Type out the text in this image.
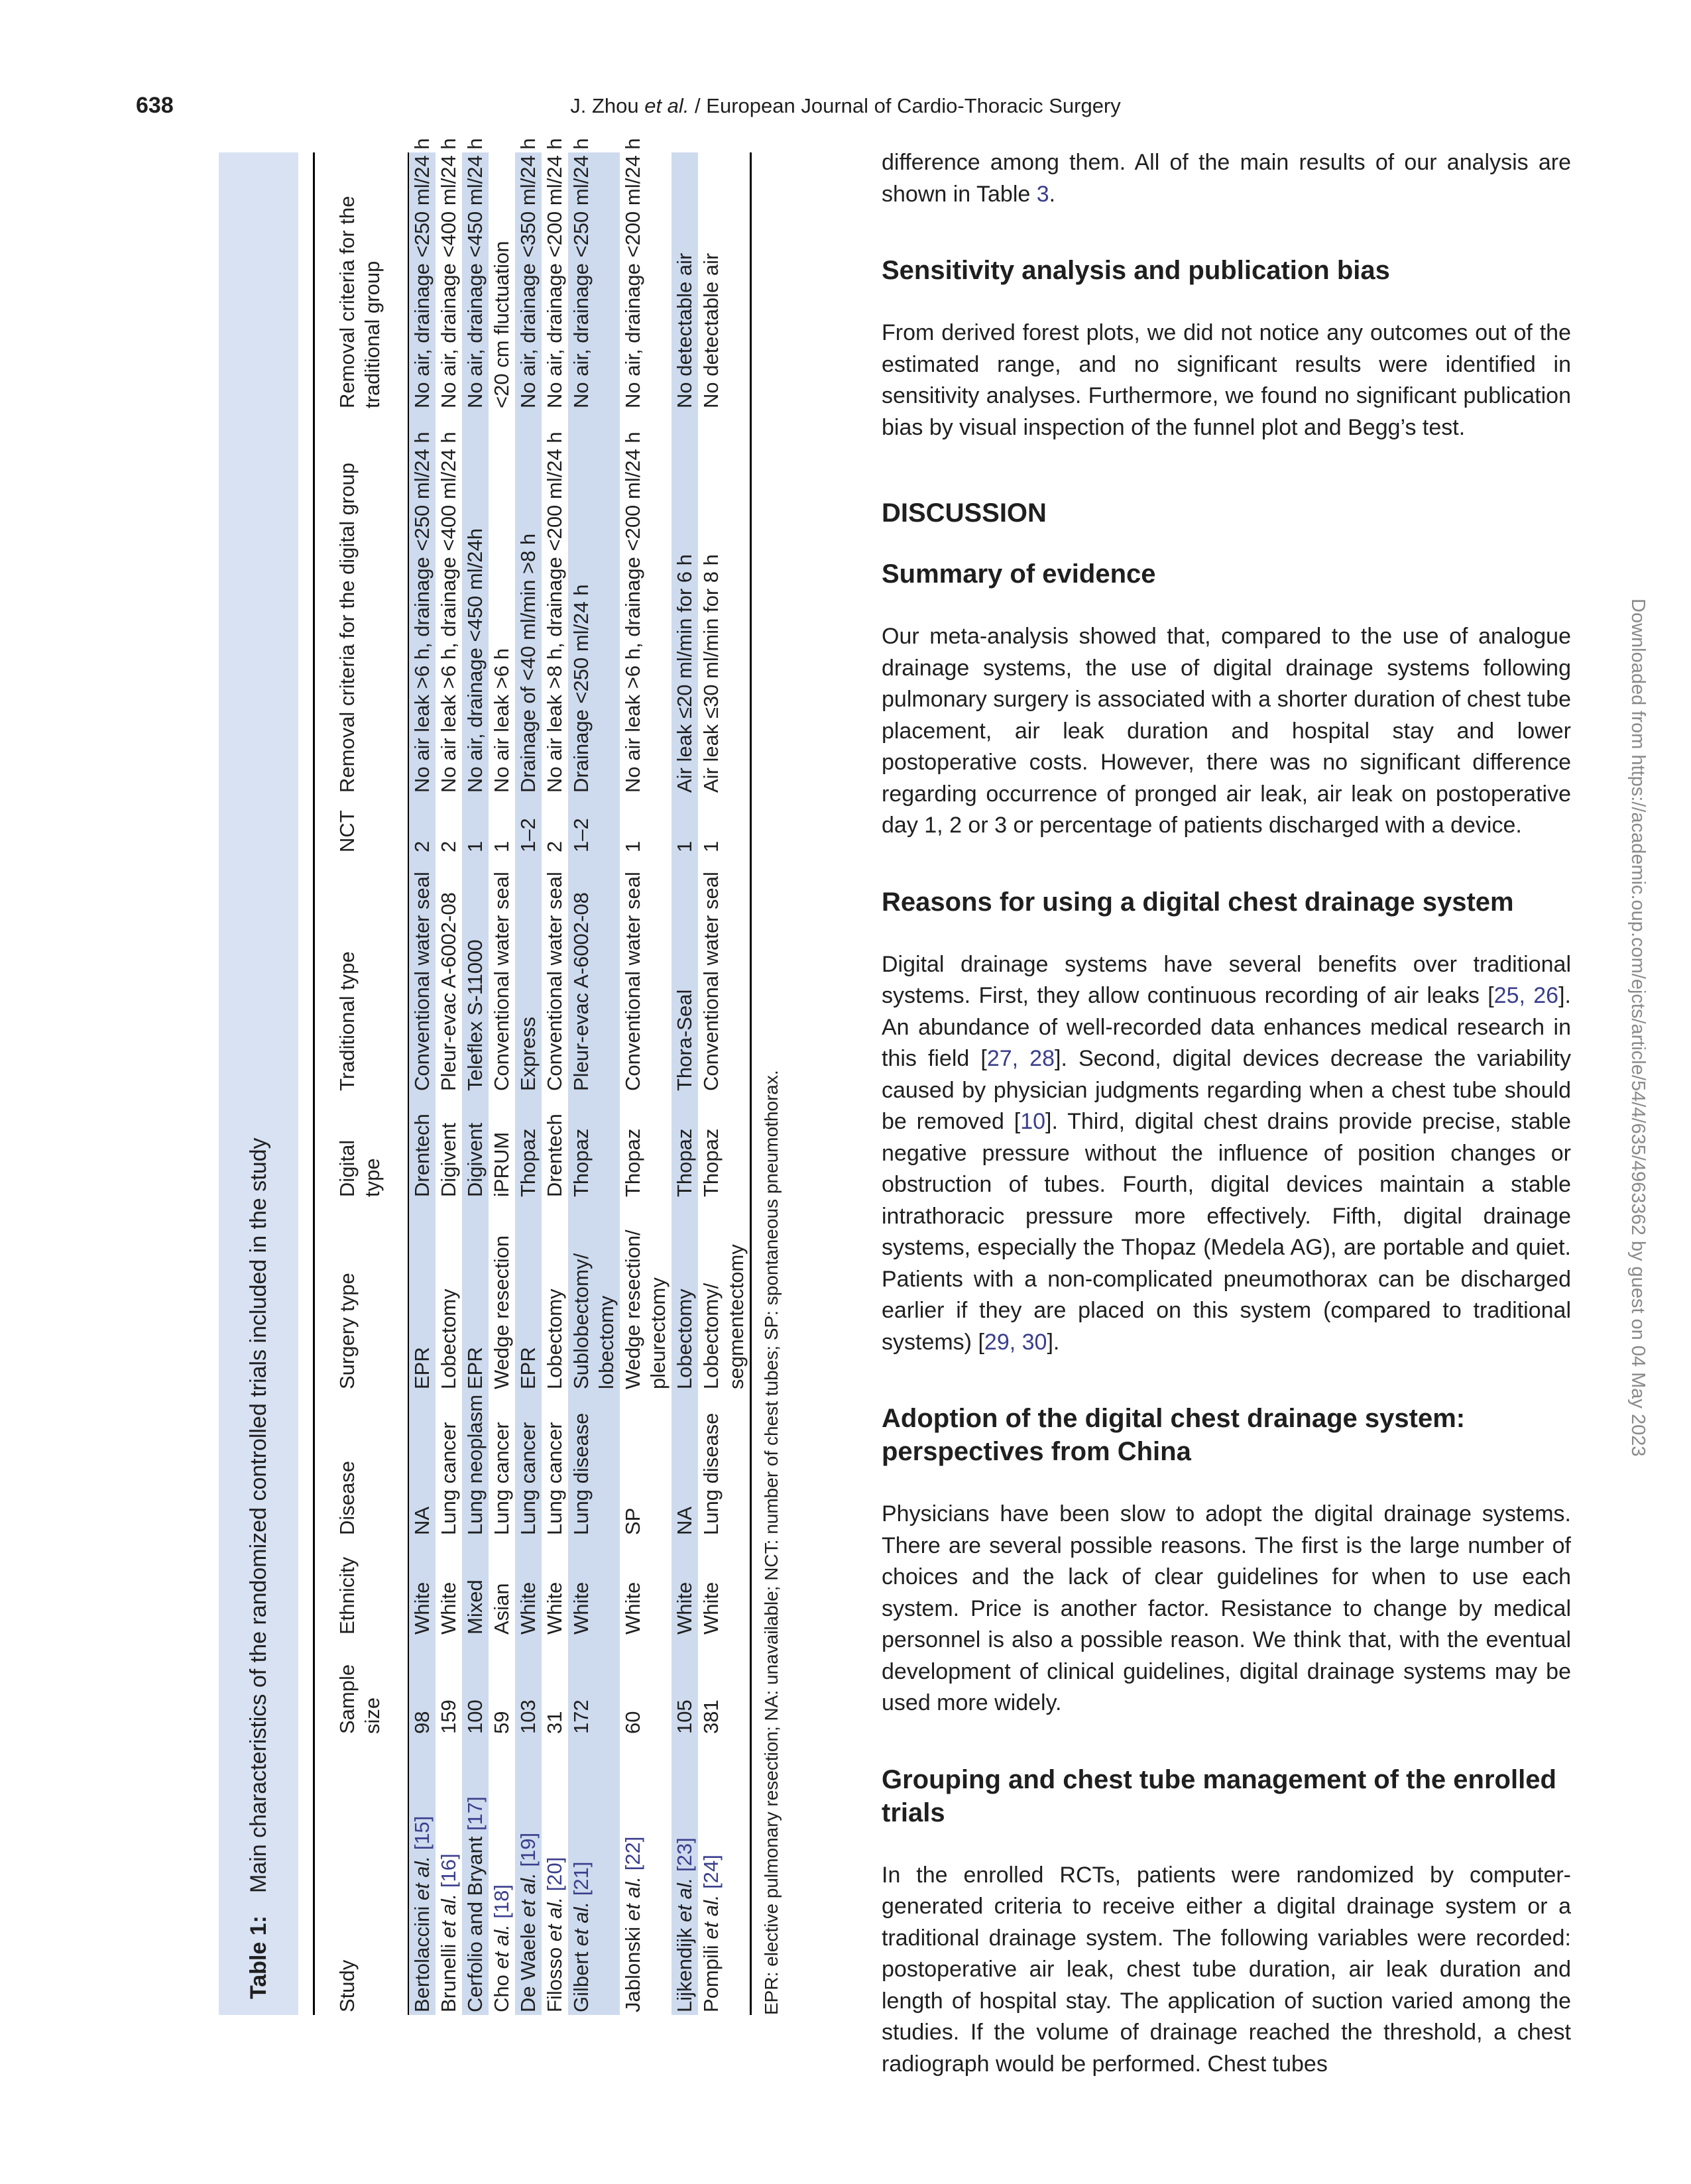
638	J. Zhou et al. / European Journal of Cardio-Thoracic Surgery
Table 1:Main characteristics of the randomized controlled trials included in the study
Study	Sample
size	Ethnicity	Disease	Surgery type	Digital
type	Traditional type	NCT	Removal criteria for the digital group	Removal criteria for the
traditional group
Bertolaccini et al. [15]	98	White	NA	EPR	Drentech	Conventional water seal	2	No air leak >6 h, drainage <250 ml/24 h	No air, drainage <250 ml/24 h
Brunelli et al. [16]	159	White	Lung cancer	Lobectomy	Digivent	Pleur-evac A-6002-08	2	No air leak >6 h, drainage <400 ml/24 h	No air, drainage <400 ml/24 h
Cerfolio and Bryant [17]	100	Mixed	Lung neoplasm	EPR	Digivent	Teleflex S-11000	1	No air, drainage <450 ml/24h	No air, drainage <450 ml/24 h
Cho et al. [18]	59	Asian	Lung cancer	Wedge resection	iPRUM	Conventional water seal	1	No air leak >6 h	<20 cm fluctuation
De Waele et al. [19]	103	White	Lung cancer	EPR	Thopaz	Express	1–2	Drainage of <40 ml/min >8 h	No air, drainage <350 ml/24 h
Filosso et al. [20]	31	White	Lung cancer	Lobectomy	Drentech	Conventional water seal	2	No air leak >8 h, drainage <200 ml/24 h	No air, drainage <200 ml/24 h
Gilbert et al. [21]	172	White	Lung disease	Sublobectomy/
lobectomy	Thopaz	Pleur-evac A-6002-08	1–2	Drainage <250 ml/24 h	No air, drainage <250 ml/24 h
Jablonski et al. [22]	60	White	SP	Wedge resection/
pleurectomy	Thopaz	Conventional water seal	1	No air leak >6 h, drainage <200 ml/24 h	No air, drainage <200 ml/24 h
Lijkendijk et al. [23]	105	White	NA	Lobectomy	Thopaz	Thora-Seal	1	Air leak ≤20 ml/min for 6 h	No detectable air
Pompili et al. [24]	381	White	Lung disease	Lobectomy/
segmentectomy	Thopaz	Conventional water seal	1	Air leak ≤30 ml/min for 8 h	No detectable air
EPR: elective pulmonary resection; NA: unavailable; NCT: number of chest tubes; SP: spontaneous pneumothorax.

difference among them. All of the main results of our analysis are shown in Table 3.

Sensitivity analysis and publication bias

From derived forest plots, we did not notice any outcomes out of the estimated range, and no significant results were identified in sensitivity analyses. Furthermore, we found no significant publication bias by visual inspection of the funnel plot and Begg’s test.

DISCUSSION
Summary of evidence

Our meta-analysis showed that, compared to the use of analogue drainage systems, the use of digital drainage systems following pulmonary surgery is associated with a shorter duration of chest tube placement, air leak duration and hospital stay and lower postoperative costs. However, there was no significant difference regarding occurrence of pronged air leak, air leak on postoperative day 1, 2 or 3 or percentage of patients discharged with a device.

Reasons for using a digital chest drainage system

Digital drainage systems have several benefits over traditional systems. First, they allow continuous recording of air leaks [25, 26]. An abundance of well-recorded data enhances medical research in this field [27, 28]. Second, digital devices decrease the variability caused by physician judgments regarding when a chest tube should be removed [10]. Third, digital chest drains provide precise, stable negative pressure without the influence of position changes or obstruction of tubes. Fourth, digital devices maintain a stable intrathoracic pressure more effectively. Fifth, digital drainage systems, especially the Thopaz (Medela AG), are portable and quiet. Patients with a non-complicated pneumothorax can be discharged earlier if they are placed on this system (compared to traditional systems) [29, 30].

Adoption of the digital chest drainage system: perspectives from China

Physicians have been slow to adopt the digital drainage systems. There are several possible reasons. The first is the large number of choices and the lack of clear guidelines for when to use each system. Price is another factor. Resistance to change by medical personnel is also a possible reason. We think that, with the eventual development of clinical guidelines, digital drainage systems may be used more widely.

Grouping and chest tube management of the enrolled trials

In the enrolled RCTs, patients were randomized by computer-generated criteria to receive either a digital drainage system or a traditional drainage system. The following variables were recorded: postoperative air leak, chest tube duration, air leak duration and length of hospital stay. The application of suction varied among the studies. If the volume of drainage reached the threshold, a chest radiograph would be performed. Chest tubes

Downloaded from https://academic.oup.com/ejcts/article/54/4/635/4963362 by guest on 04 May 2023
